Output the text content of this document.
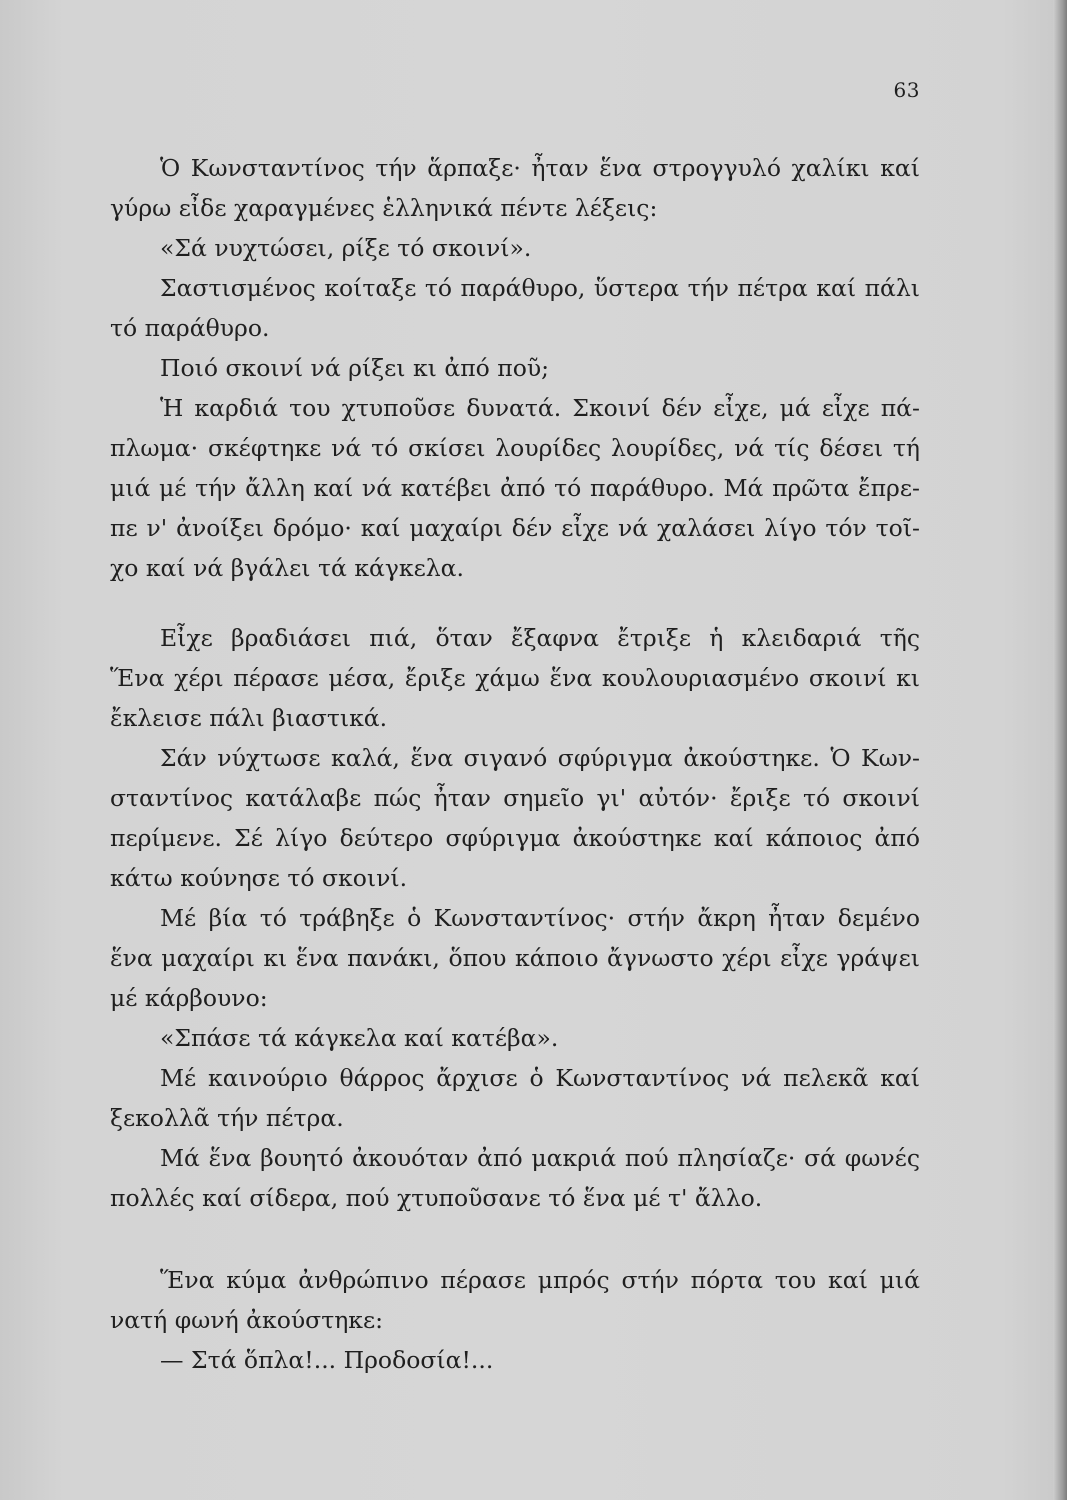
63
Ὁ Κωνσταντίνος τήν ἅρπαξε· ἦταν ἕνα στρογγυλό χαλίκι καί
γύρω εἶδε χαραγμένες ἑλληνικά πέντε λέξεις:
«Σά νυχτώσει, ρίξε τό σκοινί».
Σαστισμένος κοίταξε τό παράθυρο, ὕστερα τήν πέτρα καί πάλι
τό παράθυρο.
Ποιό σκοινί νά ρίξει κι ἀπό ποῦ;
Ἡ καρδιά του χτυποῦσε δυνατά. Σκοινί δέν εἶχε, μά εἶχε πά-
πλωμα· σκέφτηκε νά τό σκίσει λουρίδες λουρίδες, νά τίς δέσει τή
μιά μέ τήν ἄλλη καί νά κατέβει ἀπό τό παράθυρο. Μά πρῶτα ἔπρε-
πε ν' ἀνοίξει δρόμο· καί μαχαίρι δέν εἶχε νά χαλάσει λίγο τόν τοῖ-
χο καί νά βγάλει τά κάγκελα.
Εἶχε βραδιάσει πιά, ὅταν ἔξαφνα ἔτριξε ἡ κλειδαριά τῆς
Ἕνα χέρι πέρασε μέσα, ἔριξε χάμω ἕνα κουλουριασμένο σκοινί κι
ἔκλεισε πάλι βιαστικά.
Σάν νύχτωσε καλά, ἕνα σιγανό σφύριγμα ἀκούστηκε. Ὁ Κων-
σταντίνος κατάλαβε πώς ἦταν σημεῖο γι' αὐτόν· ἔριξε τό σκοινί
περίμενε. Σέ λίγο δεύτερο σφύριγμα ἀκούστηκε καί κάποιος ἀπό
κάτω κούνησε τό σκοινί.
Μέ βία τό τράβηξε ὁ Κωνσταντίνος· στήν ἄκρη ἦταν δεμένο
ἕνα μαχαίρι κι ἕνα πανάκι, ὅπου κάποιο ἄγνωστο χέρι εἶχε γράψει
μέ κάρβουνο:
«Σπάσε τά κάγκελα καί κατέβα».
Μέ καινούριο θάρρος ἄρχισε ὁ Κωνσταντίνος νά πελεκᾶ καί
ξεκολλᾶ τήν πέτρα.
Μά ἕνα βουητό ἀκουόταν ἀπό μακριά πού πλησίαζε· σά φωνές
πολλές καί σίδερα, πού χτυποῦσανε τό ἕνα μέ τ' ἄλλο.
Ἕνα κύμα ἀνθρώπινο πέρασε μπρός στήν πόρτα του καί μιά
νατή φωνή ἀκούστηκε:
— Στά ὅπλα!... Προδοσία!...
